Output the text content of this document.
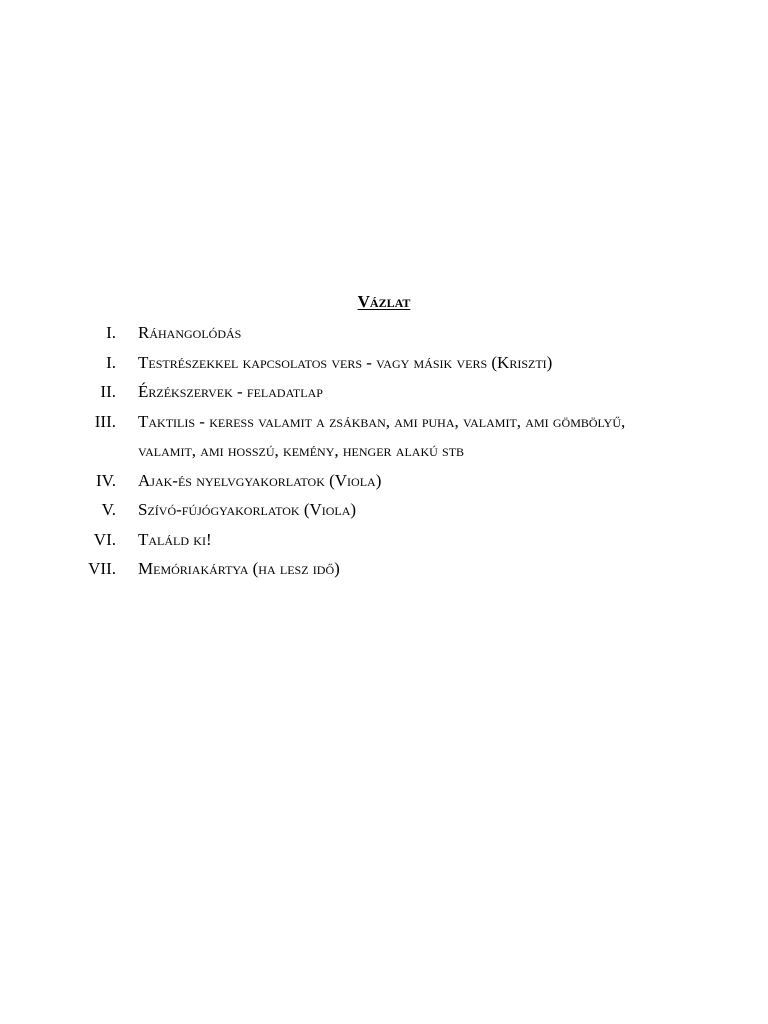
Vázlat
I. Ráhangolódás
I. Testrészekkel kapcsolatos vers - vagy másik vers (Kriszti)
II. Érzékszervek - feladatlap
III. Taktilis - keress valamit a zsákban, ami puha, valamit, ami gömbölyű, valamit, ami hosszú, kemény, henger alakú stb
IV. Ajak-és nyelvgyakorlatok (Viola)
V. Szívó-fújógyakorlatok (Viola)
VI. Találd ki!
VII. Memóriakártya (ha lesz idő)
